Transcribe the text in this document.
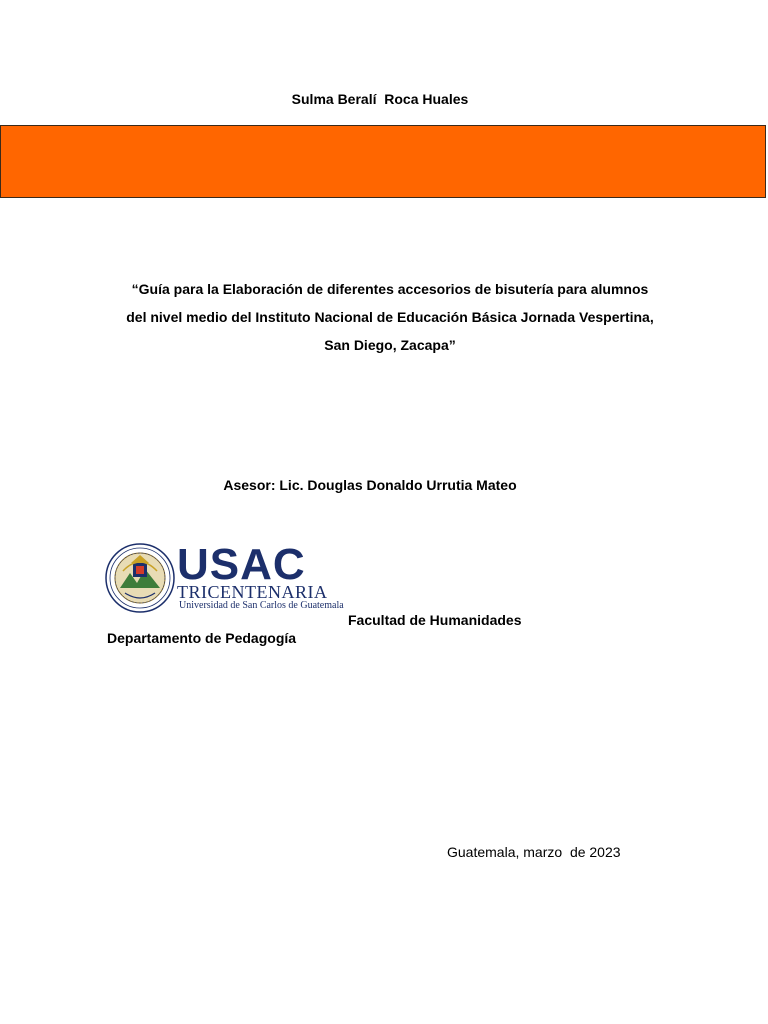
Sulma Beralí  Roca Huales
“Guía para la Elaboración de diferentes accesorios de bisutería para alumnos
del nivel medio del Instituto Nacional de Educación Básica Jornada Vespertina,
San Diego, Zacapa”
Asesor: Lic. Douglas Donaldo Urrutia Mateo
USAC
TRICENTENARIA
Universidad de San Carlos de Guatemala
Facultad de Humanidades
Departamento de Pedagogía
Guatemala, marzo  de 2023
